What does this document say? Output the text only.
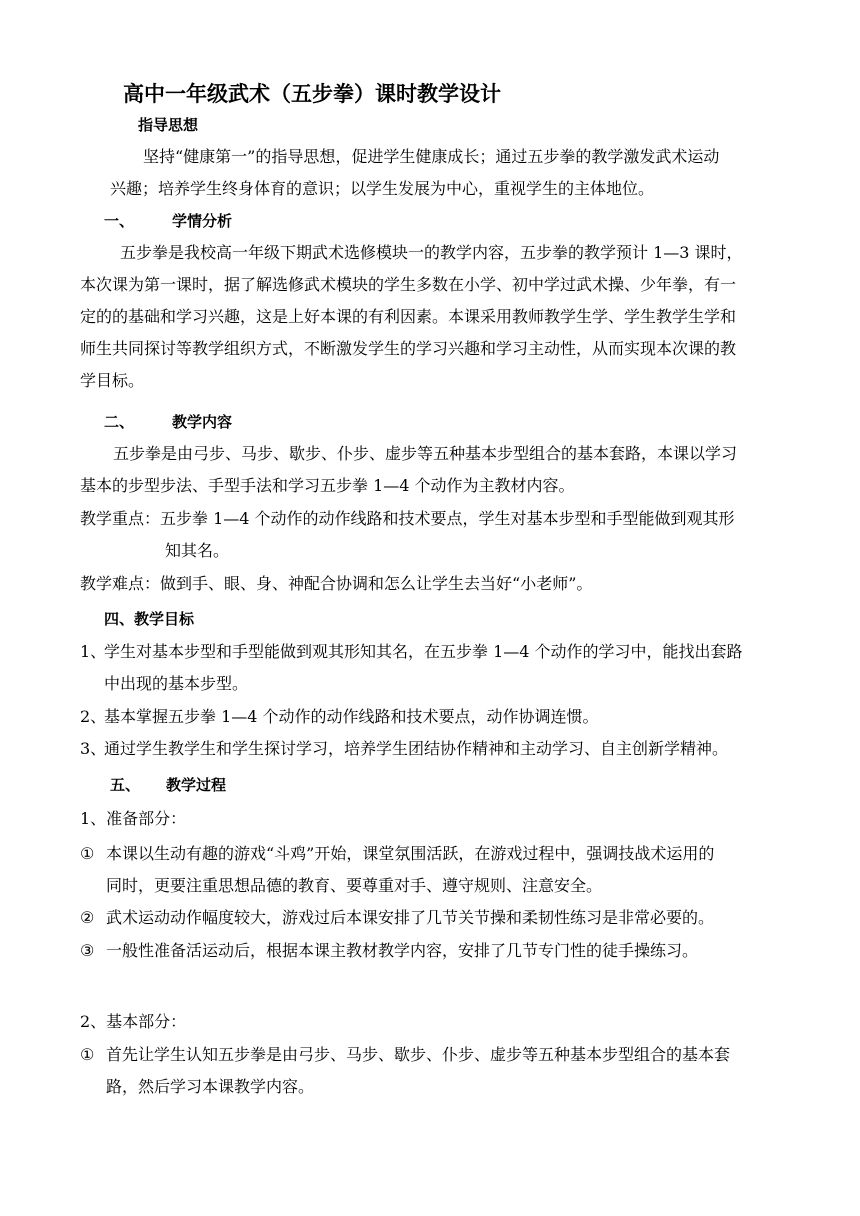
高中一年级武术（五步拳）课时教学设计
指导思想
坚持“健康第一”的指导思想，促进学生健康成长；通过五步拳的教学激发武术运动
兴趣；培养学生终身体育的意识；以学生发展为中心，重视学生的主体地位。
一、	学情分析
五步拳是我校高一年级下期武术选修模块一的教学内容，五步拳的教学预计 1—3 课时，
本次课为第一课时，据了解选修武术模块的学生多数在小学、初中学过武术操、少年拳，有一
定的的基础和学习兴趣，这是上好本课的有利因素。本课采用教师教学生学、学生教学生学和
师生共同探讨等教学组织方式，不断激发学生的学习兴趣和学习主动性，从而实现本次课的教
学目标。
二、	教学内容
五步拳是由弓步、马步、歇步、仆步、虚步等五种基本步型组合的基本套路，本课以学习
基本的步型步法、手型手法和学习五步拳 1—4 个动作为主教材内容。
教学重点：五步拳 1—4 个动作的动作线路和技术要点，学生对基本步型和手型能做到观其形
知其名。
教学难点：做到手、眼、身、神配合协调和怎么让学生去当好“小老师”。
四、教学目标
1、学生对基本步型和手型能做到观其形知其名，在五步拳 1—4 个动作的学习中，能找出套路
中出现的基本步型。
2、基本掌握五步拳 1—4 个动作的动作线路和技术要点，动作协调连惯。
3、通过学生教学生和学生探讨学习，培养学生团结协作精神和主动学习、自主创新学精神。
五、 教学过程
1、准备部分：
① 本课以生动有趣的游戏“斗鸡”开始，课堂氛围活跃，在游戏过程中，强调技战术运用的
同时，更要注重思想品德的教育、要尊重对手、遵守规则、注意安全。
② 武术运动动作幅度较大，游戏过后本课安排了几节关节操和柔韧性练习是非常必要的。
③ 一般性准备活运动后，根据本课主教材教学内容，安排了几节专门性的徒手操练习。
2、基本部分：
① 首先让学生认知五步拳是由弓步、马步、歇步、仆步、虚步等五种基本步型组合的基本套
路，然后学习本课教学内容。
